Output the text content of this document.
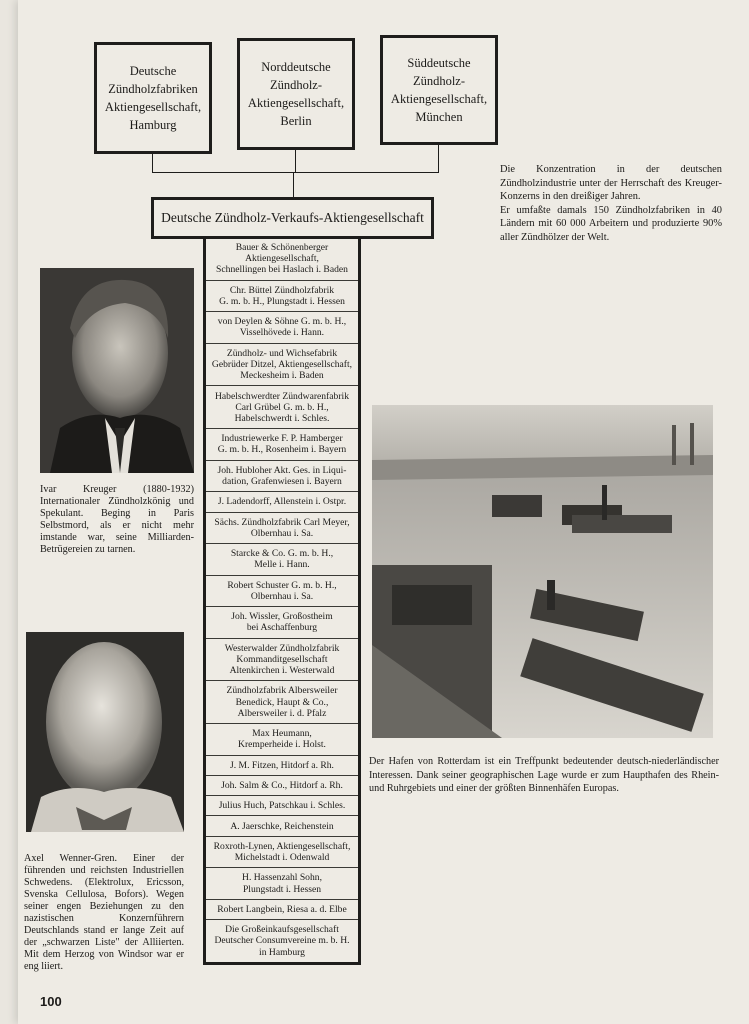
Deutsche
Zündholzfabriken
Aktiengesellschaft,
Hamburg
Norddeutsche
Zündholz-
Aktiengesellschaft,
Berlin
Süddeutsche
Zündholz-
Aktiengesellschaft,
München
Deutsche Zündholz-Verkaufs-Aktiengesellschaft
Bauer & Schönenberger
Aktiengesellschaft,
Schnellingen bei Haslach i. Baden
Chr. Büttel Zündholzfabrik
G. m. b. H., Plungstadt i. Hessen
von Deylen & Söhne G. m. b. H.,
Visselhövede i. Hann.
Zündholz- und Wichsefabrik
Gebrüder Ditzel, Aktiengesellschaft,
Meckesheim i. Baden
Habelschwerdter Zündwarenfabrik
Carl Grübel G. m. b. H.,
Habelschwerdt i. Schles.
Industriewerke F. P. Hamberger
G. m. b. H., Rosenheim i. Bayern
Joh. Hubloher Akt. Ges. in Liqui-
dation, Grafenwiesen i. Bayern
J. Ladendorff, Allenstein i. Ostpr.
Sächs. Zündholzfabrik Carl Meyer,
Olbernhau i. Sa.
Starcke & Co. G. m. b. H.,
Melle i. Hann.
Robert Schuster G. m. b. H.,
Olbernhau i. Sa.
Joh. Wissler, Großostheim
bei Aschaffenburg
Westerwalder Zündholzfabrik
Kommanditgesellschaft
Altenkirchen i. Westerwald
Zündholzfabrik Albersweiler
Benedick, Haupt & Co.,
Albersweiler i. d. Pfalz
Max Heumann,
Kremperheide i. Holst.
J. M. Fitzen, Hitdorf a. Rh.
Joh. Salm & Co., Hitdorf a. Rh.
Julius Huch, Patschkau i. Schles.
A. Jaerschke, Reichenstein
Roxroth-Lynen, Aktiengesellschaft,
Michelstadt i. Odenwald
H. Hassenzahl Sohn,
Plungstadt i. Hessen
Robert Langbein, Riesa a. d. Elbe
Die Großeinkaufsgesellschaft
Deutscher Consumvereine m. b. H.
in Hamburg
Die Konzentration in der deutschen Zündholzindustrie unter der Herrschaft des Kreuger-Konzerns in den dreißiger Jahren.
Er umfaßte damals 150 Zündholzfabriken in 40 Ländern mit 60 000 Arbeitern und produzierte 90% aller Zündhölzer der Welt.
Ivar Kreuger (1880-1932) Internationaler Zündholzkönig und Spekulant. Beging in Paris Selbstmord, als er nicht mehr imstande war, seine Milliarden-Betrügereien zu tarnen.
Axel Wenner-Gren. Einer der führenden und reichsten Industriellen Schwedens. (Elektrolux, Ericsson, Svenska Cellulosa, Bofors). Wegen seiner engen Beziehungen zu den nazistischen Konzernführern Deutschlands stand er lange Zeit auf der „schwarzen Liste" der Alliierten. Mit dem Herzog von Windsor war er eng liiert.
Der Hafen von Rotterdam ist ein Treffpunkt bedeutender deutsch-niederländischer Interessen. Dank seiner geographischen Lage wurde er zum Haupthafen des Rhein- und Ruhrgebiets und einer der größten Binnenhäfen Europas.
100
